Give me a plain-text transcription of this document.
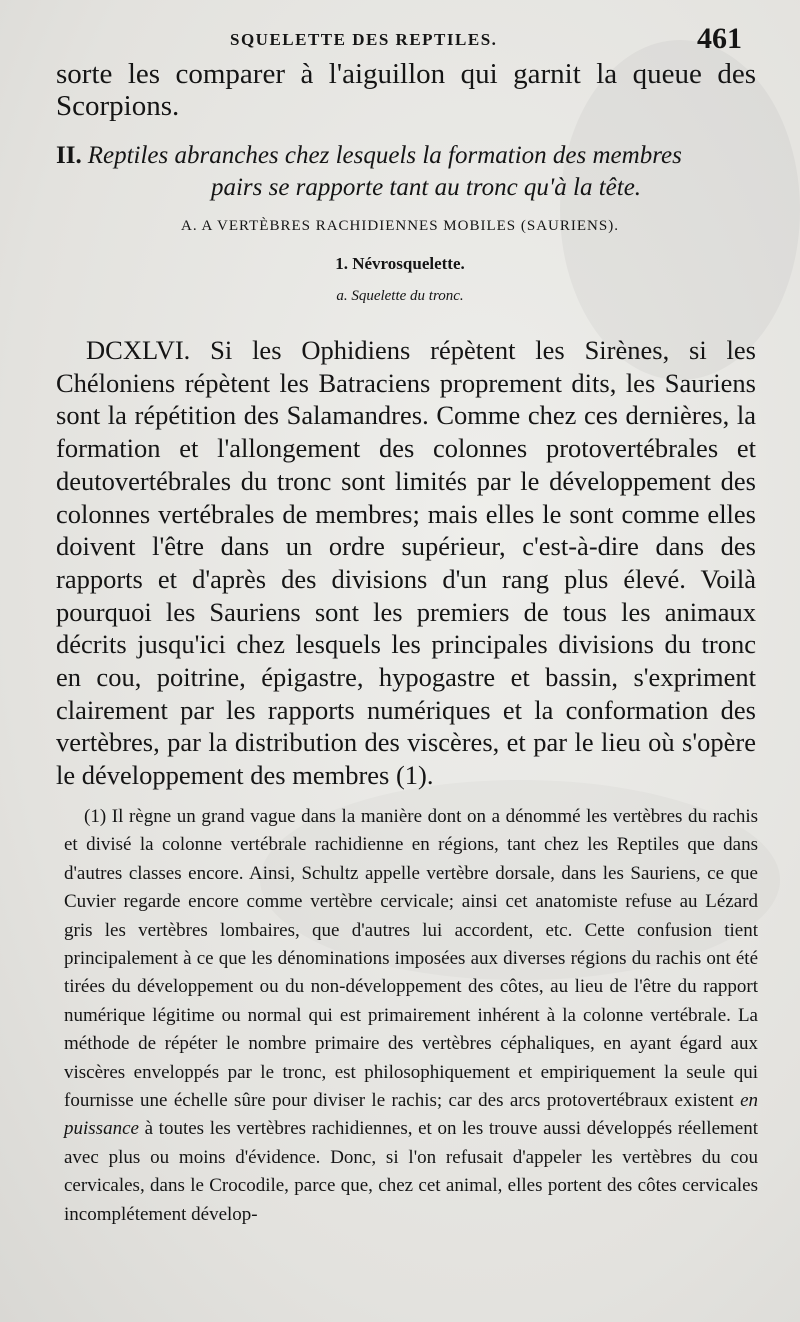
SQUELETTE DES REPTILES.	461
sorte les comparer à l'aiguillon qui garnit la queue des Scorpions.
II. Reptiles abranches chez lesquels la formation des membres
pairs se rapporte tant au tronc qu'à la tête.
A. A VERTÈBRES RACHIDIENNES MOBILES (SAURIENS).
1. Névrosquelette.
a. Squelette du tronc.
DCXLVI. Si les Ophidiens répètent les Sirènes, si les Chéloniens répètent les Batraciens proprement dits, les Sauriens sont la répétition des Salamandres. Comme chez ces dernières, la formation et l'allongement des colonnes protovertébrales et deutovertébrales du tronc sont limités par le développement des colonnes vertébrales de membres; mais elles le sont comme elles doivent l'être dans un ordre supérieur, c'est-à-dire dans des rapports et d'après des divisions d'un rang plus élevé. Voilà pourquoi les Sauriens sont les premiers de tous les animaux décrits jusqu'ici chez lesquels les principales divisions du tronc en cou, poitrine, épigastre, hypogastre et bassin, s'expriment clairement par les rapports numériques et la conformation des vertèbres, par la distribution des viscères, et par le lieu où s'opère le développement des membres (1).
(1) Il règne un grand vague dans la manière dont on a dénommé les vertèbres du rachis et divisé la colonne vertébrale rachidienne en régions, tant chez les Reptiles que dans d'autres classes encore. Ainsi, Schultz appelle vertèbre dorsale, dans les Sauriens, ce que Cuvier regarde encore comme vertèbre cervicale; ainsi cet anatomiste refuse au Lézard gris les vertèbres lombaires, que d'autres lui accordent, etc. Cette confusion tient principalement à ce que les dénominations imposées aux diverses régions du rachis ont été tirées du développement ou du non-développement des côtes, au lieu de l'être du rapport numérique légitime ou normal qui est primairement inhérent à la colonne vertébrale. La méthode de répéter le nombre primaire des vertèbres céphaliques, en ayant égard aux viscères enveloppés par le tronc, est philosophiquement et empiriquement la seule qui fournisse une échelle sûre pour diviser le rachis; car des arcs protovertébraux existent en puissance à toutes les vertèbres rachidiennes, et on les trouve aussi développés réellement avec plus ou moins d'évidence. Donc, si l'on refusait d'appeler les vertèbres du cou cervicales, dans le Crocodile, parce que, chez cet animal, elles portent des côtes cervicales incomplétement dévelop-
